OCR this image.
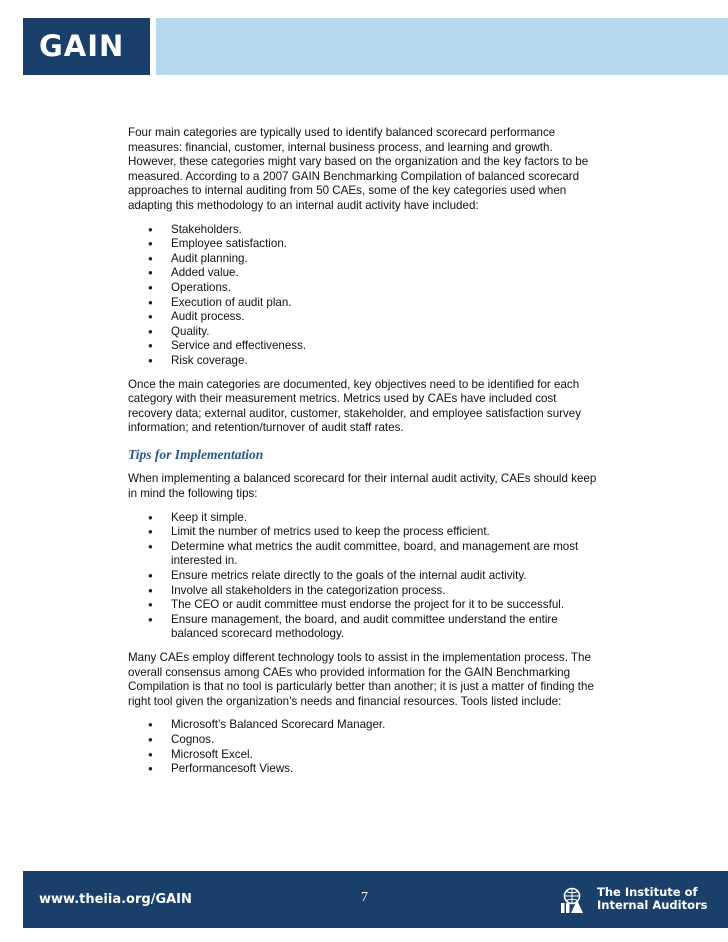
GAIN

Four main categories are typically used to identify balanced scorecard performance measures: financial, customer, internal business process, and learning and growth. However, these categories might vary based on the organization and the key factors to be measured. According to a 2007 GAIN Benchmarking Compilation of balanced scorecard approaches to internal auditing from 50 CAEs, some of the key categories used when adapting this methodology to an internal audit activity have included:

● Stakeholders.
● Employee satisfaction.
● Audit planning.
● Added value.
● Operations.
● Execution of audit plan.
● Audit process.
● Quality.
● Service and effectiveness.
● Risk coverage.

Once the main categories are documented, key objectives need to be identified for each category with their measurement metrics. Metrics used by CAEs have included cost recovery data; external auditor, customer, stakeholder, and employee satisfaction survey information; and retention/turnover of audit staff rates.

Tips for Implementation

When implementing a balanced scorecard for their internal audit activity, CAEs should keep in mind the following tips:

● Keep it simple.
● Limit the number of metrics used to keep the process efficient.
● Determine what metrics the audit committee, board, and management are most interested in.
● Ensure metrics relate directly to the goals of the internal audit activity.
● Involve all stakeholders in the categorization process.
● The CEO or audit committee must endorse the project for it to be successful.
● Ensure management, the board, and audit committee understand the entire balanced scorecard methodology.

Many CAEs employ different technology tools to assist in the implementation process. The overall consensus among CAEs who provided information for the GAIN Benchmarking Compilation is that no tool is particularly better than another; it is just a matter of finding the right tool given the organization’s needs and financial resources. Tools listed include:

● Microsoft’s Balanced Scorecard Manager.
● Cognos.
● Microsoft Excel.
● Performancesoft Views.
www.theiia.org/GAIN	7	The Institute of
Internal Auditors
